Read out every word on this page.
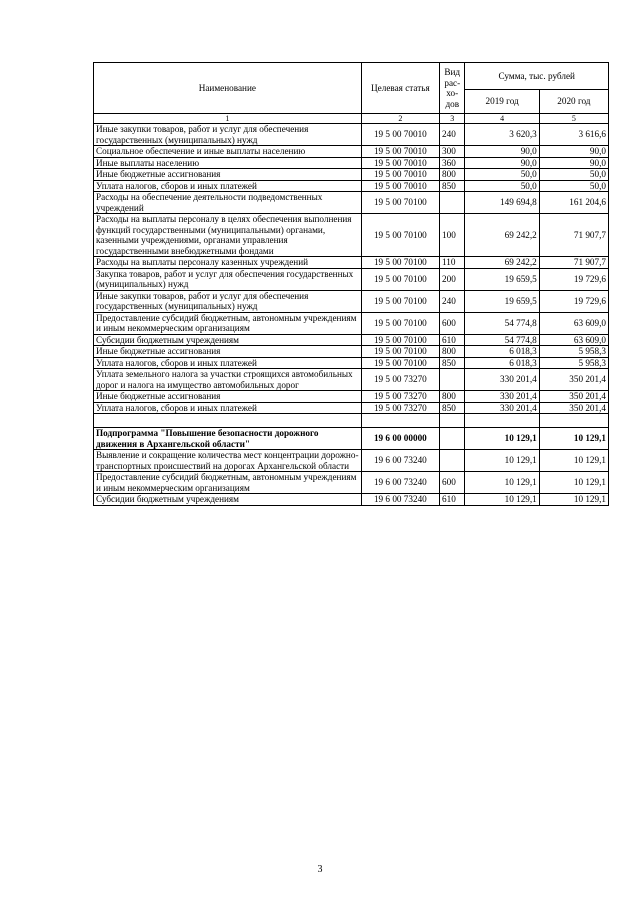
Наименование	Целевая статья	Вид рас-хо-дов	Сумма, тыс. рублей	
			2019 год	2020 год
1	2	3	4	5
Иные закупки товаров, работ и услуг для обеспечения государственных (муниципальных) нужд	19 5 00 70010	240	3 620,3	3 616,6
Социальное обеспечение и иные выплаты населению	19 5 00 70010	300	90,0	90,0
Иные выплаты населению	19 5 00 70010	360	90,0	90,0
Иные бюджетные ассигнования	19 5 00 70010	800	50,0	50,0
Уплата налогов, сборов и иных платежей	19 5 00 70010	850	50,0	50,0
Расходы на обеспечение деятельности подведомственных учреждений	19 5 00 70100		149 694,8	161 204,6
Расходы на выплаты персоналу в целях обеспечения выполнения функций государственными (муниципальными) органами, казенными учреждениями, органами управления государственными внебюджетными фондами	19 5 00 70100	100	69 242,2	71 907,7
Расходы на выплаты персоналу казенных учреждений	19 5 00 70100	110	69 242,2	71 907,7
Закупка товаров, работ и услуг для обеспечения государственных (муниципальных) нужд	19 5 00 70100	200	19 659,5	19 729,6
Иные закупки товаров, работ и услуг для обеспечения государственных (муниципальных) нужд	19 5 00 70100	240	19 659,5	19 729,6
Предоставление субсидий бюджетным, автономным учреждениям и иным некоммерческим организациям	19 5 00 70100	600	54 774,8	63 609,0
Субсидии бюджетным учреждениям	19 5 00 70100	610	54 774,8	63 609,0
Иные бюджетные ассигнования	19 5 00 70100	800	6 018,3	5 958,3
Уплата налогов, сборов и иных платежей	19 5 00 70100	850	6 018,3	5 958,3
Уплата земельного налога за участки строящихся автомобильных дорог и налога на имущество автомобильных дорог	19 5 00 73270		330 201,4	350 201,4
Иные бюджетные ассигнования	19 5 00 73270	800	330 201,4	350 201,4
Уплата налогов, сборов и иных платежей	19 5 00 73270	850	330 201,4	350 201,4

Подпрограмма "Повышение безопасности дорожного движения в Архангельской области"	19 6 00 00000		10 129,1	10 129,1
Выявление и сокращение количества мест концентрации дорожно-транспортных происшествий на дорогах Архангельской области	19 6 00 73240		10 129,1	10 129,1
Предоставление субсидий бюджетным, автономным учреждениям и иным некоммерческим организациям	19 6 00 73240	600	10 129,1	10 129,1
Субсидии бюджетным учреждениям	19 6 00 73240	610	10 129,1	10 129,1
3
